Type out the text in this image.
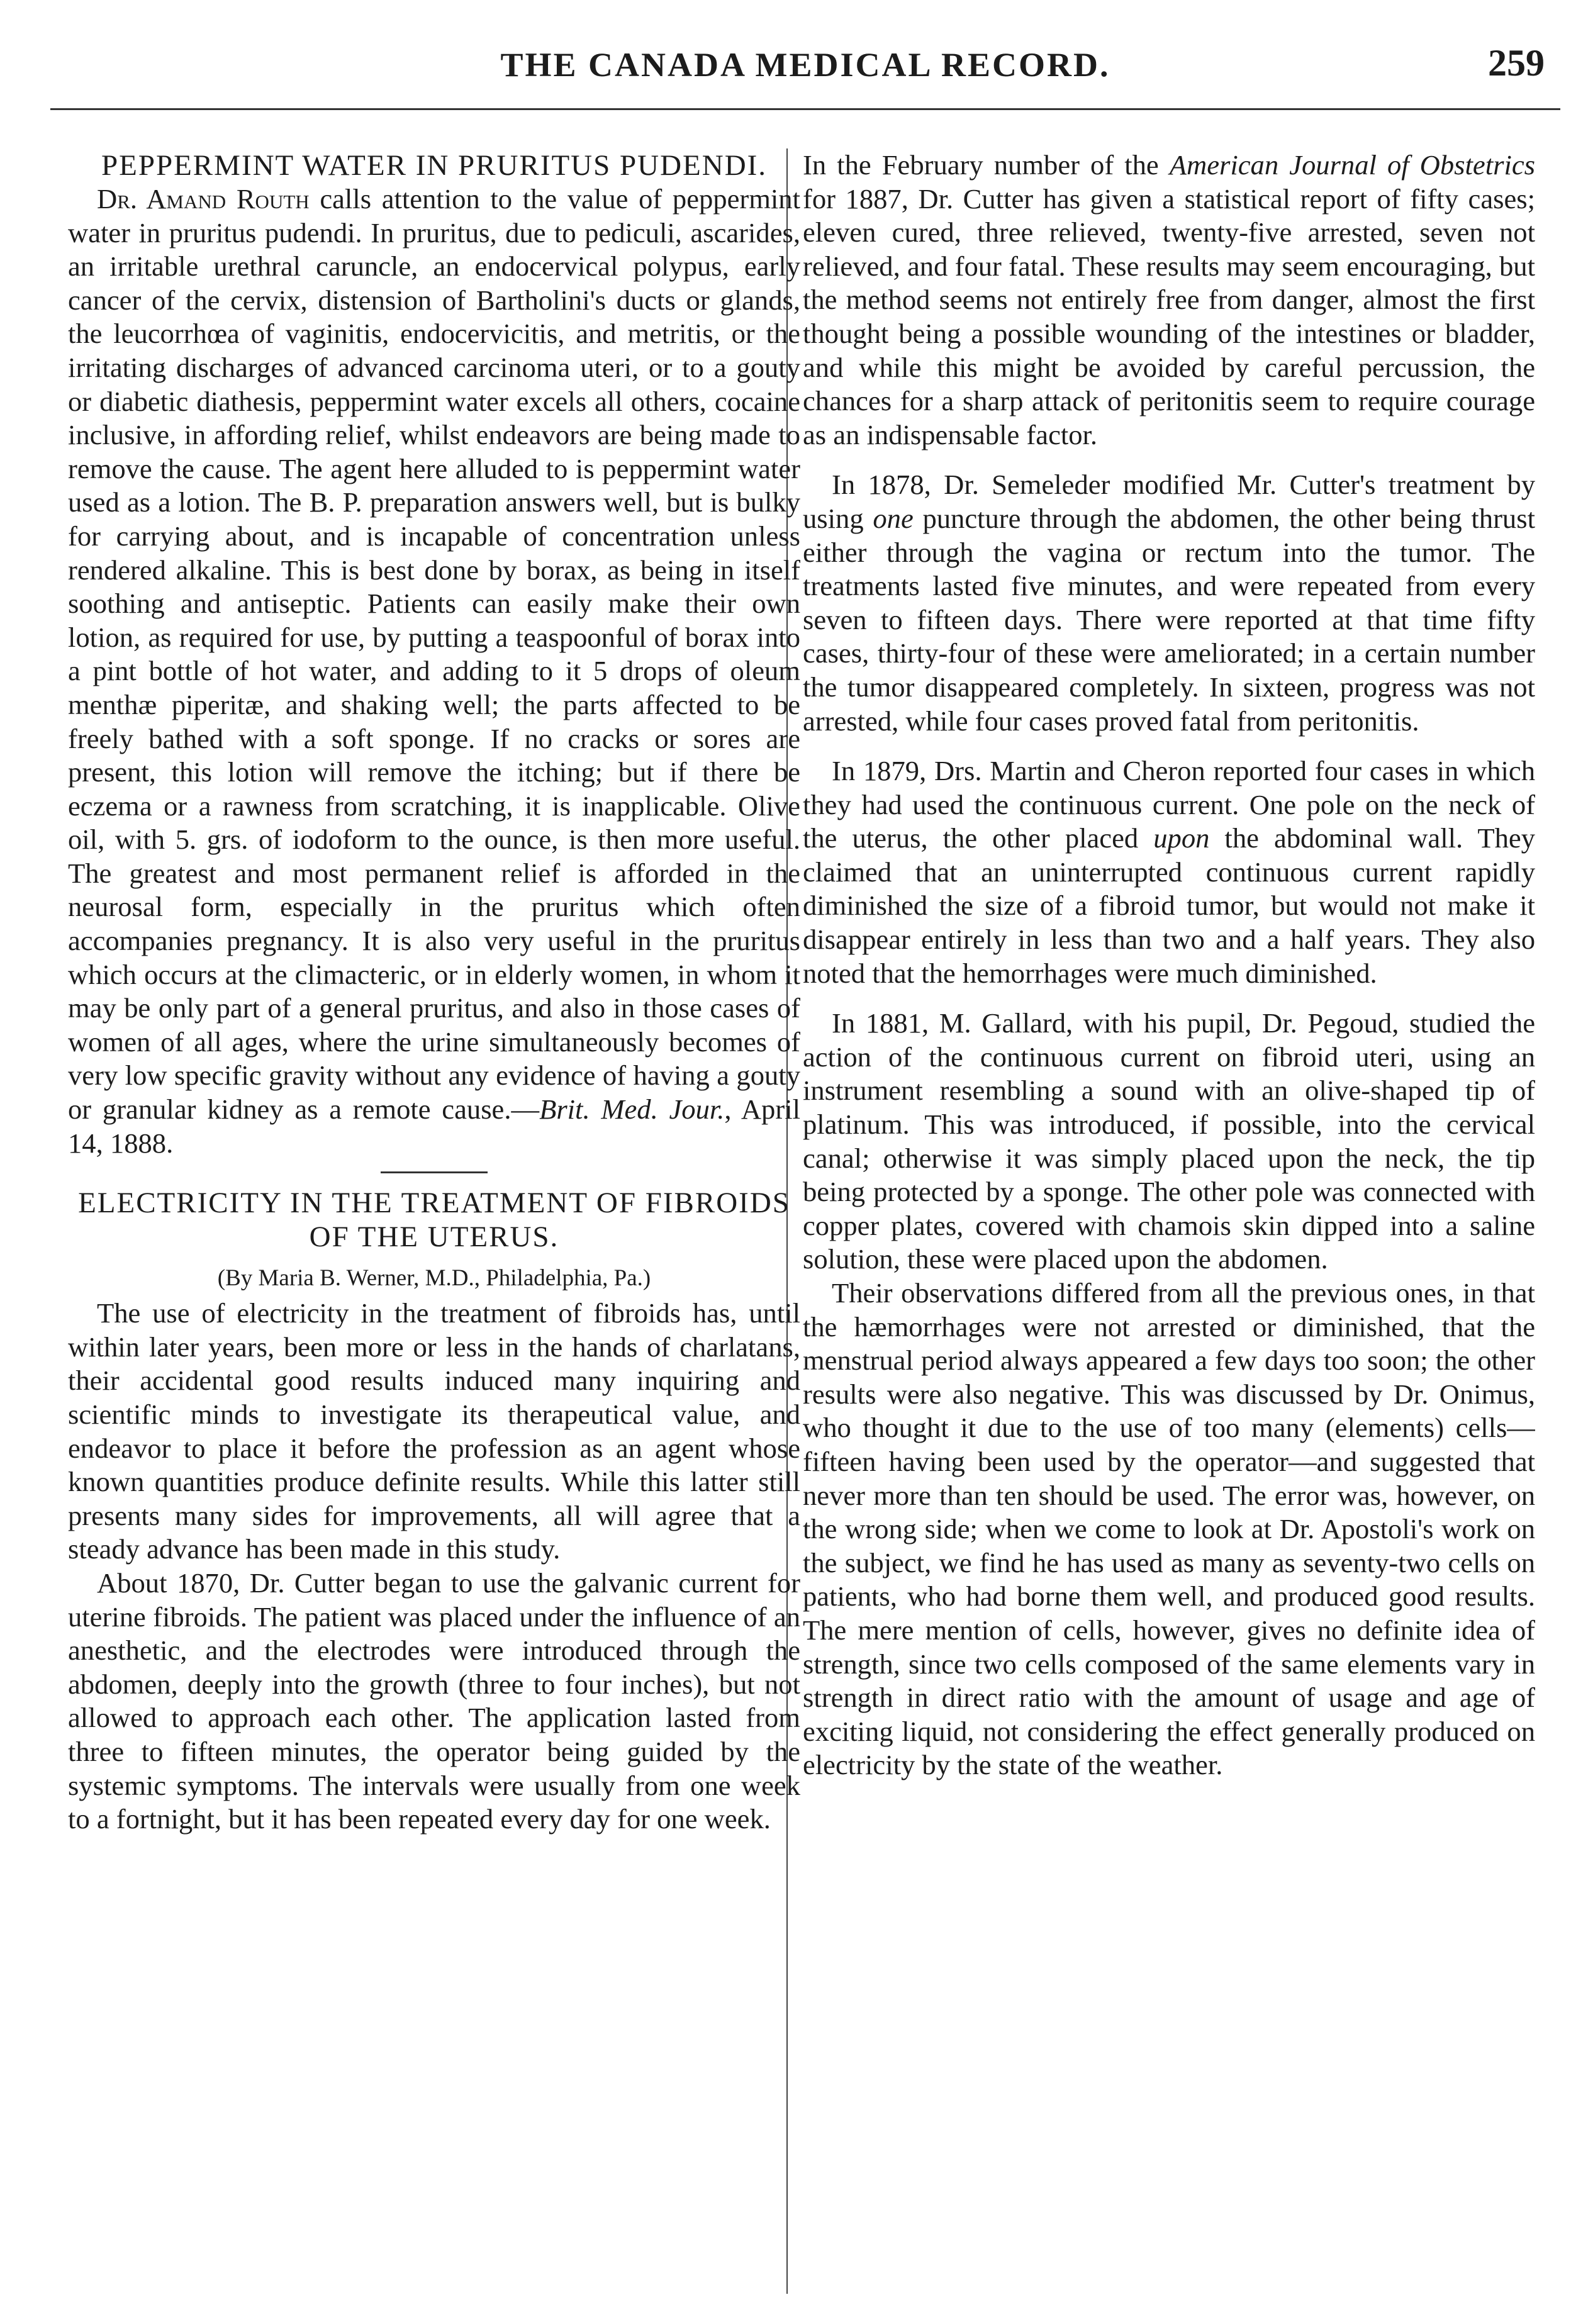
THE CANADA MEDICAL RECORD.	259
PEPPERMINT WATER IN PRURITUS PUDENDI.

Dr. Amand Routh calls attention to the value of peppermint water in pruritus pudendi. In pruritus, due to pediculi, ascarides, an irritable urethral caruncle, an endocervical polypus, early cancer of the cervix, distension of Bartholini's ducts or glands, the leucorrhœa of vaginitis, endocervicitis, and metritis, or the irritating discharges of advanced carcinoma uteri, or to a gouty or diabetic diathesis, peppermint water excels all others, cocaine inclusive, in affording relief, whilst endeavors are being made to remove the cause. The agent here alluded to is peppermint water used as a lotion. The B. P. preparation answers well, but is bulky for carrying about, and is incapable of concentration unless rendered alkaline. This is best done by borax, as being in itself soothing and antiseptic. Patients can easily make their own lotion, as required for use, by putting a teaspoonful of borax into a pint bottle of hot water, and adding to it 5 drops of oleum menthæ piperitæ, and shaking well; the parts affected to be freely bathed with a soft sponge. If no cracks or sores are present, this lotion will remove the itching; but if there be eczema or a rawness from scratching, it is inapplicable. Olive oil, with 5. grs. of iodoform to the ounce, is then more useful. The greatest and most permanent relief is afforded in the neurosal form, especially in the pruritus which often accompanies pregnancy. It is also very useful in the pruritus which occurs at the climacteric, or in elderly women, in whom it may be only part of a general pruritus, and also in those cases of women of all ages, where the urine simultaneously becomes of very low specific gravity without any evidence of having a gouty or granular kidney as a remote cause.—Brit. Med. Jour., April 14, 1888.

ELECTRICITY IN THE TREATMENT OF FIBROIDS OF THE UTERUS.
(By Maria B. Werner, M.D., Philadelphia, Pa.)

The use of electricity in the treatment of fibroids has, until within later years, been more or less in the hands of charlatans, their accidental good results induced many inquiring and scientific minds to investigate its therapeutical value, and endeavor to place it before the profession as an agent whose known quantities produce definite results. While this latter still presents many sides for improvements, all will agree that a steady advance has been made in this study.

About 1870, Dr. Cutter began to use the galvanic current for uterine fibroids. The patient was placed under the influence of an anesthetic, and the electrodes were introduced through the abdomen, deeply into the growth (three to four inches), but not allowed to approach each other. The application lasted from three to fifteen minutes, the operator being guided by the systemic symptoms. The intervals were usually from one week to a fortnight, but it has been repeated every day for one week.

In the February number of the American Journal of Obstetrics for 1887, Dr. Cutter has given a statistical report of fifty cases; eleven cured, three relieved, twenty-five arrested, seven not relieved, and four fatal. These results may seem encouraging, but the method seems not entirely free from danger, almost the first thought being a possible wounding of the intestines or bladder, and while this might be avoided by careful percussion, the chances for a sharp attack of peritonitis seem to require courage as an indispensable factor.

In 1878, Dr. Semeleder modified Mr. Cutter's treatment by using one puncture through the abdomen, the other being thrust either through the vagina or rectum into the tumor. The treatments lasted five minutes, and were repeated from every seven to fifteen days. There were reported at that time fifty cases, thirty-four of these were ameliorated; in a certain number the tumor disappeared completely. In sixteen, progress was not arrested, while four cases proved fatal from peritonitis.

In 1879, Drs. Martin and Cheron reported four cases in which they had used the continuous current. One pole on the neck of the uterus, the other placed upon the abdominal wall. They claimed that an uninterrupted continuous current rapidly diminished the size of a fibroid tumor, but would not make it disappear entirely in less than two and a half years. They also noted that the hemorrhages were much diminished.

In 1881, M. Gallard, with his pupil, Dr. Pegoud, studied the action of the continuous current on fibroid uteri, using an instrument resembling a sound with an olive-shaped tip of platinum. This was introduced, if possible, into the cervical canal; otherwise it was simply placed upon the neck, the tip being protected by a sponge. The other pole was connected with copper plates, covered with chamois skin dipped into a saline solution, these were placed upon the abdomen.

Their observations differed from all the previous ones, in that the hæmorrhages were not arrested or diminished, that the menstrual period always appeared a few days too soon; the other results were also negative. This was discussed by Dr. Onimus, who thought it due to the use of too many (elements) cells—fifteen having been used by the operator—and suggested that never more than ten should be used. The error was, however, on the wrong side; when we come to look at Dr. Apostoli's work on the subject, we find he has used as many as seventy-two cells on patients, who had borne them well, and produced good results. The mere mention of cells, however, gives no definite idea of strength, since two cells composed of the same elements vary in strength in direct ratio with the amount of usage and age of exciting liquid, not considering the effect generally produced on electricity by the state of the weather.
